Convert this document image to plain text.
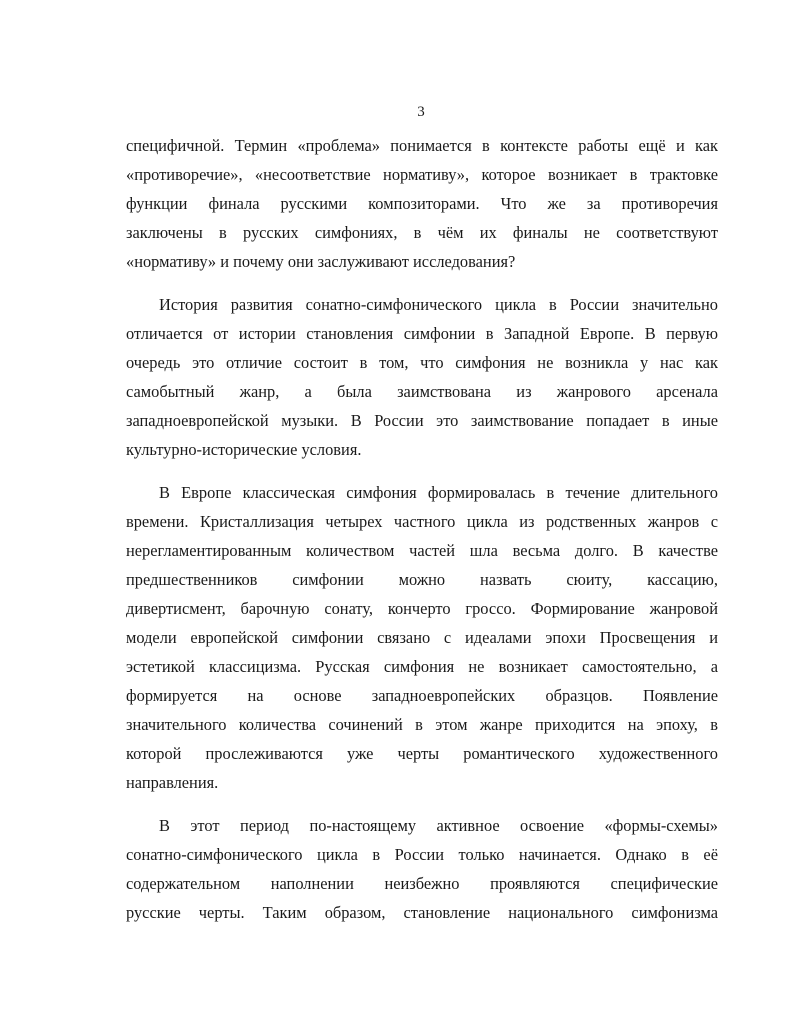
3
специфичной. Термин «проблема» понимается в контексте работы ещё и как
«противоречие», «несоответствие нормативу», которое возникает в трактовке
функции финала русскими композиторами. Что же за противоречия
заключены в русских симфониях, в чём их финалы не соответствуют
«нормативу» и почему они заслуживают исследования?
История развития сонатно-симфонического цикла в России значительно
отличается от истории становления симфонии в Западной Европе. В первую
очередь это отличие состоит в том, что симфония не возникла у нас как
самобытный жанр, а была заимствована из жанрового арсенала
западноевропейской музыки. В России это заимствование попадает в иные
культурно-исторические условия.
В Европе классическая симфония формировалась в течение длительного
времени. Кристаллизация четырех частного цикла из родственных жанров с
нерегламентированным количеством частей шла весьма долго. В качестве
предшественников симфонии можно назвать сюиту, кассацию,
дивертисмент, барочную сонату, кончерто гроссо. Формирование жанровой
модели европейской симфонии связано с идеалами эпохи Просвещения и
эстетикой классицизма. Русская симфония не возникает самостоятельно, а
формируется на основе западноевропейских образцов. Появление
значительного количества сочинений в этом жанре приходится на эпоху, в
которой прослеживаются уже черты романтического художественного
направления.
В этот период по-настоящему активное освоение «формы-схемы»
сонатно-симфонического цикла в России только начинается. Однако в её
содержательном наполнении неизбежно проявляются специфические
русские черты. Таким образом, становление национального симфонизма
